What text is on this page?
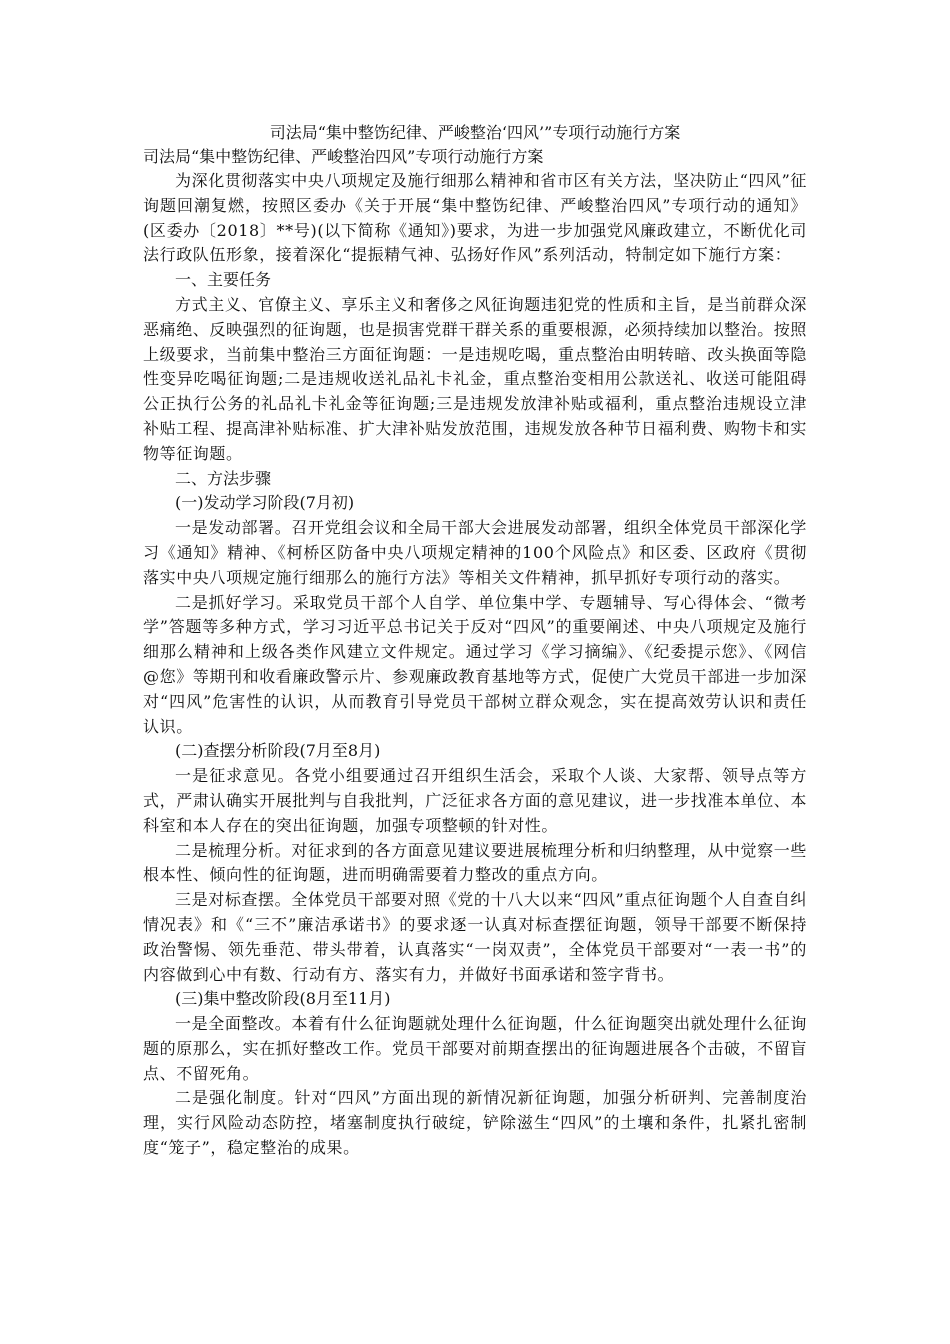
司法局“集中整饬纪律、严峻整治‘四风’”专项行动施行方案
司法局“集中整饬纪律、严峻整治四风”专项行动施行方案

为深化贯彻落实中央八项规定及施行细那么精神和省市区有关方法，坚决防止“四风”征询题回潮复燃，按照区委办《关于开展“集中整饬纪律、严峻整治四风”专项行动的通知》(区委办〔2018〕**号)(以下简称《通知》)要求，为进一步加强党风廉政建立，不断优化司法行政队伍形象，接着深化“提振精气神、弘扬好作风”系列活动，特制定如下施行方案：

一、主要任务

方式主义、官僚主义、享乐主义和奢侈之风征询题违犯党的性质和主旨，是当前群众深恶痛绝、反映强烈的征询题，也是损害党群干群关系的重要根源，必须持续加以整治。按照上级要求，当前集中整治三方面征询题：一是违规吃喝，重点整治由明转暗、改头换面等隐性变异吃喝征询题;二是违规收送礼品礼卡礼金，重点整治变相用公款送礼、收送可能阻碍公正执行公务的礼品礼卡礼金等征询题;三是违规发放津补贴或福利，重点整治违规设立津补贴工程、提高津补贴标准、扩大津补贴发放范围，违规发放各种节日福利费、购物卡和实物等征询题。

二、方法步骤

(一)发动学习阶段(7月初)

一是发动部署。召开党组会议和全局干部大会进展发动部署，组织全体党员干部深化学习《通知》精神、《柯桥区防备中央八项规定精神的100个风险点》和区委、区政府《贯彻落实中央八项规定施行细那么的施行方法》等相关文件精神，抓早抓好专项行动的落实。

二是抓好学习。采取党员干部个人自学、单位集中学、专题辅导、写心得体会、“微考学”答题等多种方式，学习习近平总书记关于反对“四风”的重要阐述、中央八项规定及施行细那么精神和上级各类作风建立文件规定。通过学习《学习摘编》、《纪委提示您》、《网信@您》等期刊和收看廉政警示片、参观廉政教育基地等方式，促使广大党员干部进一步加深对“四风”危害性的认识，从而教育引导党员干部树立群众观念，实在提高效劳认识和责任认识。

(二)查摆分析阶段(7月至8月)

一是征求意见。各党小组要通过召开组织生活会，采取个人谈、大家帮、领导点等方式，严肃认确实开展批判与自我批判，广泛征求各方面的意见建议，进一步找准本单位、本科室和本人存在的突出征询题，加强专项整顿的针对性。

二是梳理分析。对征求到的各方面意见建议要进展梳理分析和归纳整理，从中觉察一些根本性、倾向性的征询题，进而明确需要着力整改的重点方向。

三是对标查摆。全体党员干部要对照《党的十八大以来“四风”重点征询题个人自查自纠情况表》和《“三不”廉洁承诺书》的要求逐一认真对标查摆征询题，领导干部要不断保持政治警惕、领先垂范、带头带着，认真落实“一岗双责”，全体党员干部要对“一表一书”的内容做到心中有数、行动有方、落实有力，并做好书面承诺和签字背书。

(三)集中整改阶段(8月至11月)

一是全面整改。本着有什么征询题就处理什么征询题，什么征询题突出就处理什么征询题的原那么，实在抓好整改工作。党员干部要对前期查摆出的征询题进展各个击破，不留盲点、不留死角。

二是强化制度。针对“四风”方面出现的新情况新征询题，加强分析研判、完善制度治理，实行风险动态防控，堵塞制度执行破绽，铲除滋生“四风”的土壤和条件，扎紧扎密制度“笼子”，稳定整治的成果。
